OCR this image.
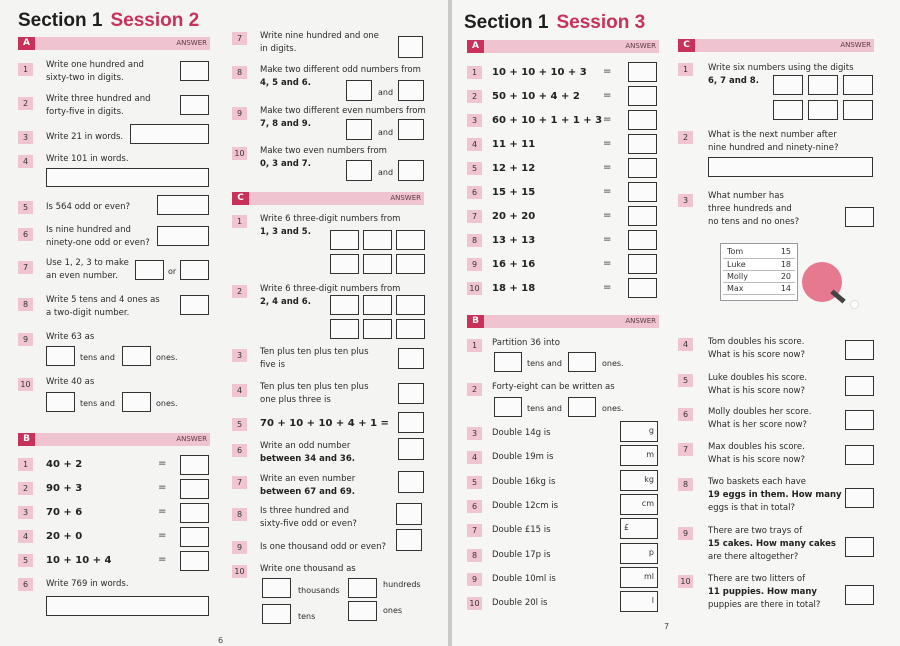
Section 1 Session 2
A	ANSWER
1	Write one hundred and
sixty-two in digits.
2	Write three hundred and
forty-five in digits.
3	Write 21 in words.
4	Write 101 in words.
5	Is 564 odd or even?
6	Is nine hundred and
ninety-one odd or even?
7	Use 1, 2, 3 to make
an even number.	or
8	Write 5 tens and 4 ones as
a two-digit number.
9	Write 63 as
tens and	ones.
10 Write 40 as
tens and	ones.
B	ANSWER
1	40 + 2	=
2	90 + 3	=
3	70 + 6	=
4	20 + 0	=
5	10 + 10 + 4	=
6	Write 769 in words.
7	Write nine hundred and one
in digits.
8	Make two different odd numbers from
4, 5 and 6.
and
9	Make two different even numbers from
7, 8 and 9.
and
10 Make two even numbers from
0, 3 and 7.
and
C	ANSWER
1	Write 6 three-digit numbers from
1, 3 and 5.
2	Write 6 three-digit numbers from
2, 4 and 6.
3	Ten plus ten plus ten plus
five is
4	Ten plus ten plus ten plus
one plus three is
5	70 + 10 + 10 + 4 + 1 =
6	Write an odd number
between 34 and 36.
7	Write an even number
between 67 and 69.
8	Is three hundred and
sixty-five odd or even?
9	Is one thousand odd or even?
10 Write one thousand as
thousands
hundreds
tens
ones
6
Section 1 Session 3
A	ANSWER
1	10 + 10 + 10 + 3 =
2	50 + 10 + 4 + 2 =
3	60 + 10 + 1 + 1 + 3 =
4	11 + 11	=
5	12 + 12	=
6	15 + 15	=
7	20 + 20	=
8	13 + 13	=
9	16 + 16	=
10 18 + 18	=
B	ANSWER
1	Partition 36 into
tens and	ones.
2	Forty-eight can be written as
tens and	ones.
3	Double 14g is	g
4	Double 19m is	m
5	Double 16kg is	kg
6	Double 12cm is	cm
7	Double £15 is	£
8	Double 17p is	p
9	Double 10ml is	ml
10 Double 20l is	l
C	ANSWER
1	Write six numbers using the digits
6, 7 and 8.
2	What is the next number after
nine hundred and ninety-nine?
3	What number has
three hundreds and
no tens and no ones?
Tom	15
Luke	18
Molly	20
Max	14
4	Tom doubles his score.
What is his score now?
5	Luke doubles his score.
What is his score now?
6	Molly doubles her score.
What is her score now?
7	Max doubles his score.
What is his score now?
8	Two baskets each have
19 eggs in them. How many
eggs is that in total?
9	There are two trays of
15 cakes. How many cakes
are there altogether?
10 There are two litters of
11 puppies. How many
puppies are there in total?
7
